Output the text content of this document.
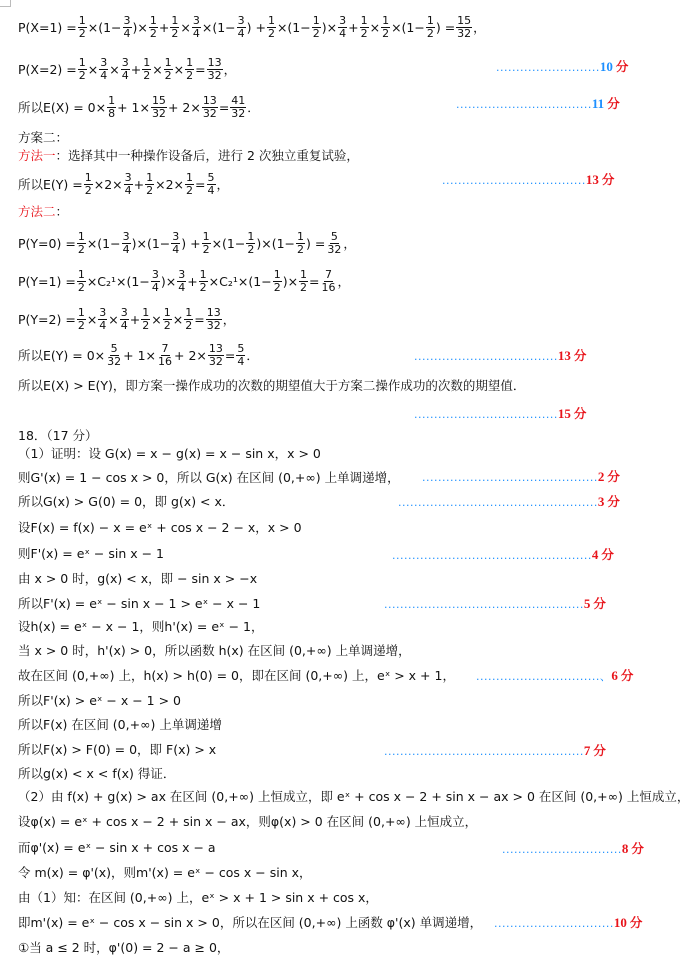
$P(X=1) = \frac{1}{2} \times(1- \frac{3}{4}$ )× $\frac{1}{2} + \frac{1}{2} \times \frac{3}{4} \times(1- \frac{3}{4}$ ) + $\frac{1}{2} \times(1- \frac{1}{2}$ )× $\frac{3}{4} + \frac{1}{2} \times \frac{1}{2} \times(1- \frac{1}{2}$ ) = $\frac{15}{32}$ ，
$P(X=2) = \frac{1}{2} \times \frac{3}{4} \times \frac{3}{4} + \frac{1}{2} \times \frac{1}{2} \times \frac{1}{2} = \frac{13}{32}$ ，
所以$E(X) = 0\times \frac{1}{8} + 1\times \frac{15}{32} + 2\times \frac{13}{32} = \frac{41}{32}$ ．
方案二：
方法一 ：选择其中一种操作设备后，进行 2 次独立重复试验，
所以$E(Y) = \frac{1}{2} \times 2\times \frac{3}{4} + \frac{1}{2} \times 2\times \frac{1}{2} = \frac{5}{4}$ ，
方法二 ：
$P(Y=0) = \frac{1}{2} \times(1- \frac{3}{4} )\times(1- \frac{3}{4}$ ) + $\frac{1}{2} \times(1- \frac{1}{2} )\times(1- \frac{1}{2}$ ) = $\frac{5}{32}$ ，
$P(Y=1) = \frac{1}{2} \times C_2^1\times(1- \frac{3}{4}$ )× $\frac{3}{4} + \frac{1}{2} \times C_2^1\times(1- \frac{1}{2}$ )× $\frac{1}{2} = \frac{7}{16}$ ，
$P(Y=2) = \frac{1}{2} \times \frac{3}{4} \times \frac{3}{4} + \frac{1}{2} \times \frac{1}{2} \times \frac{1}{2} = \frac{13}{32}$ ，
所以$E(Y) = 0\times \frac{5}{32} + 1\times \frac{7}{16} + 2\times \frac{13}{32} = \frac{5}{4}$ ．
所以E(X) > E(Y)，即方案一操作成功的次数的期望值大于方案二操作成功的次数的期望值．
18．（17 分）
（1）证明：设 G(x) = x − g(x) = x − sin x，x > 0
则G'(x) = 1 − cos x > 0，所以 G(x) 在区间 (0,+∞) 上单调递增，
所以G(x) > G(0) = 0，即 g(x) < x．
设F(x) = f(x) − x = eˣ + cos x − 2 − x，x > 0
则F'(x) = eˣ − sin x − 1
由 x > 0 时，g(x) < x，即 − sin x > −x
所以F'(x) = eˣ − sin x − 1 > eˣ − x − 1
设h(x) = eˣ − x − 1，则h'(x) = eˣ − 1，
当 x > 0 时，h'(x) > 0，所以函数 h(x) 在区间 (0,+∞) 上单调递增，
故在区间 (0,+∞) 上，h(x) > h(0) = 0，即在区间 (0,+∞) 上，eˣ > x + 1，
所以F'(x) > eˣ − x − 1 > 0
所以F(x) 在区间 (0,+∞) 上单调递增
所以F(x) > F(0) = 0，即 F(x) > x
所以g(x) < x < f(x) 得证．
（2）由 f(x) + g(x) > ax 在区间 (0,+∞) 上恒成立，即 eˣ + cos x − 2 + sin x − ax > 0 在区间 (0,+∞) 上恒成立，
设φ(x) = eˣ + cos x − 2 + sin x − ax，则φ(x) > 0 在区间 (0,+∞) 上恒成立，
而φ'(x) = eˣ − sin x + cos x − a
令 m(x) = φ'(x)，则m'(x) = eˣ − cos x − sin x，
由（1）知：在区间 (0,+∞) 上，eˣ > x + 1 > sin x + cos x，
即m'(x) = eˣ − cos x − sin x > 0，所以在区间 (0,+∞) 上函数 φ'(x) 单调递增，
①当 a ≤ 2 时，φ'(0) = 2 − a ≥ 0，
.......................... 10 分
.................................. 11 分
.................................... 13 分
.................................... 13 分
.................................... 15 分
............................................ 2 分
.................................................. 3 分
.................................................. 4 分
.................................................. 5 分
...............................、 6 分
.................................................. 7 分
.............................. 8 分
.............................. 10 分
